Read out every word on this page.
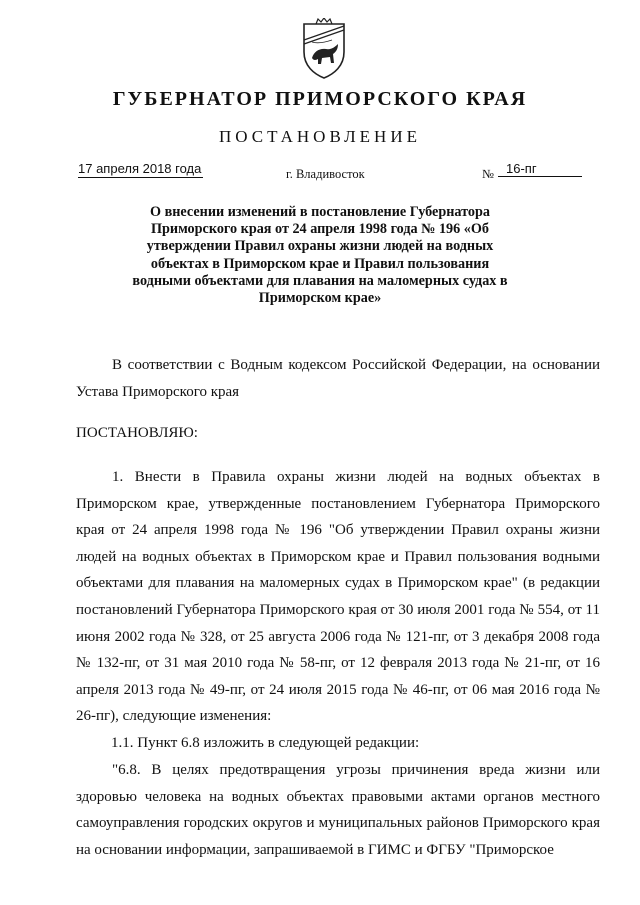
ГУБЕРНАТОР ПРИМОРСКОГО КРАЯ
ПОСТАНОВЛЕНИЕ
17 апреля 2018 года	г. Владивосток	№ 16-пг
О внесении изменений в постановление Губернатора Приморского края от 24 апреля 1998 года № 196 «Об утверждении Правил охраны жизни людей на водных объектах в Приморском крае и Правил пользования водными объектами для плавания на маломерных судах в Приморском крае»
В соответствии с Водным кодексом Российской Федерации, на основании Устава Приморского края
ПОСТАНОВЛЯЮ:
1. Внести в Правила охраны жизни людей на водных объектах в Приморском крае, утвержденные постановлением Губернатора Приморского края от 24 апреля 1998 года № 196 "Об утверждении Правил охраны жизни людей на водных объектах в Приморском крае и Правил пользования водными объектами для плавания на маломерных судах в Приморском крае" (в редакции постановлений Губернатора Приморского края от 30 июля 2001 года № 554, от 11 июня 2002 года № 328, от 25 августа 2006 года № 121-пг, от 3 декабря 2008 года № 132-пг, от 31 мая 2010 года № 58-пг, от 12 февраля 2013 года № 21-пг, от 16 апреля 2013 года № 49-пг, от 24 июля 2015 года № 46-пг, от 06 мая 2016 года № 26-пг), следующие изменения:
1.1. Пункт 6.8 изложить в следующей редакции:
"6.8. В целях предотвращения угрозы причинения вреда жизни или здоровью человека на водных объектах правовыми актами органов местного самоуправления городских округов и муниципальных районов Приморского края на основании информации, запрашиваемой в ГИМС и ФГБУ "Приморское
